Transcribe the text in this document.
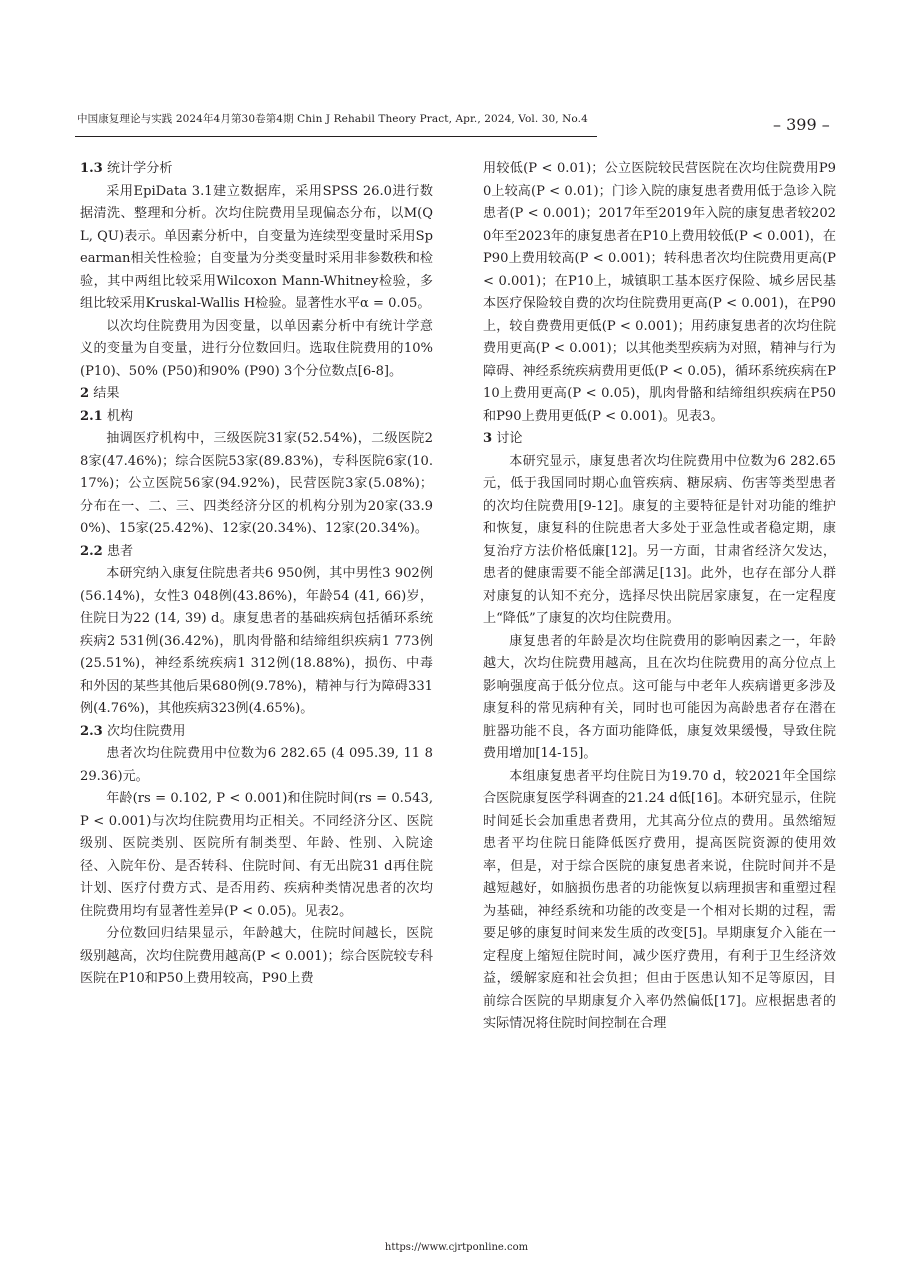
中国康复理论与实践 2024年4月第30卷第4期 Chin J Rehabil Theory Pract, Apr., 2024, Vol. 30, No.4	– 399 –
1.3 统计学分析

采用EpiData 3.1建立数据库，采用SPSS 26.0进行数据清洗、整理和分析。次均住院费用呈现偏态分布，以M(QL, QU)表示。单因素分析中，自变量为连续型变量时采用Spearman相关性检验；自变量为分类变量时采用非参数秩和检验，其中两组比较采用Wilcoxon Mann-Whitney检验，多组比较采用Kruskal-Wallis H检验。显著性水平α = 0.05。

以次均住院费用为因变量，以单因素分析中有统计学意义的变量为自变量，进行分位数回归。选取住院费用的10% (P10)、50% (P50)和90% (P90) 3个分位数点[6-8]。

2 结果
2.1 机构

抽调医疗机构中，三级医院31家(52.54%)，二级医院28家(47.46%)；综合医院53家(89.83%)，专科医院6家(10.17%)；公立医院56家(94.92%)，民营医院3家(5.08%)；分布在一、二、三、四类经济分区的机构分别为20家(33.90%)、15家(25.42%)、12家(20.34%)、12家(20.34%)。

2.2 患者

本研究纳入康复住院患者共6 950例，其中男性3 902例(56.14%)，女性3 048例(43.86%)，年龄54 (41, 66)岁，住院日为22 (14, 39) d。康复患者的基础疾病包括循环系统疾病2 531例(36.42%)，肌肉骨骼和结缔组织疾病1 773例(25.51%)，神经系统疾病1 312例(18.88%)，损伤、中毒和外因的某些其他后果680例(9.78%)，精神与行为障碍331例(4.76%)，其他疾病323例(4.65%)。

2.3 次均住院费用

患者次均住院费用中位数为6 282.65 (4 095.39, 11 829.36)元。

年龄(rs = 0.102, P < 0.001)和住院时间(rs = 0.543, P < 0.001)与次均住院费用均正相关。不同经济分区、医院级别、医院类别、医院所有制类型、年龄、性别、入院途径、入院年份、是否转科、住院时间、有无出院31 d再住院计划、医疗付费方式、是否用药、疾病种类情况患者的次均住院费用均有显著性差异(P < 0.05)。见表2。

分位数回归结果显示，年龄越大，住院时间越长，医院级别越高，次均住院费用越高(P < 0.001)；综合医院较专科医院在P10和P50上费用较高，P90上费

用较低(P < 0.01)；公立医院较民营医院在次均住院费用P90上较高(P < 0.01)；门诊入院的康复患者费用低于急诊入院患者(P < 0.001)；2017年至2019年入院的康复患者较2020年至2023年的康复患者在P10上费用较低(P < 0.001)，在P90上费用较高(P < 0.001)；转科患者次均住院费用更高(P < 0.001)；在P10上，城镇职工基本医疗保险、城乡居民基本医疗保险较自费的次均住院费用更高(P < 0.001)，在P90上，较自费费用更低(P < 0.001)；用药康复患者的次均住院费用更高(P < 0.001)；以其他类型疾病为对照，精神与行为障碍、神经系统疾病费用更低(P < 0.05)，循环系统疾病在P10上费用更高(P < 0.05)，肌肉骨骼和结缔组织疾病在P50和P90上费用更低(P < 0.001)。见表3。

3 讨论

本研究显示，康复患者次均住院费用中位数为6 282.65元，低于我国同时期心血管疾病、糖尿病、伤害等类型患者的次均住院费用[9-12]。康复的主要特征是针对功能的维护和恢复，康复科的住院患者大多处于亚急性或者稳定期，康复治疗方法价格低廉[12]。另一方面，甘肃省经济欠发达，患者的健康需要不能全部满足[13]。此外，也存在部分人群对康复的认知不充分，选择尽快出院居家康复，在一定程度上“降低”了康复的次均住院费用。

康复患者的年龄是次均住院费用的影响因素之一，年龄越大，次均住院费用越高，且在次均住院费用的高分位点上影响强度高于低分位点。这可能与中老年人疾病谱更多涉及康复科的常见病种有关，同时也可能因为高龄患者存在潜在脏器功能不良，各方面功能降低，康复效果缓慢，导致住院费用增加[14-15]。

本组康复患者平均住院日为19.70 d，较2021年全国综合医院康复医学科调查的21.24 d低[16]。本研究显示，住院时间延长会加重患者费用，尤其高分位点的费用。虽然缩短患者平均住院日能降低医疗费用，提高医院资源的使用效率，但是，对于综合医院的康复患者来说，住院时间并不是越短越好，如脑损伤患者的功能恢复以病理损害和重塑过程为基础，神经系统和功能的改变是一个相对长期的过程，需要足够的康复时间来发生质的改变[5]。早期康复介入能在一定程度上缩短住院时间，减少医疗费用，有利于卫生经济效益，缓解家庭和社会负担；但由于医患认知不足等原因，目前综合医院的早期康复介入率仍然偏低[17]。应根据患者的实际情况将住院时间控制在合理

https://www.cjrtponline.com
